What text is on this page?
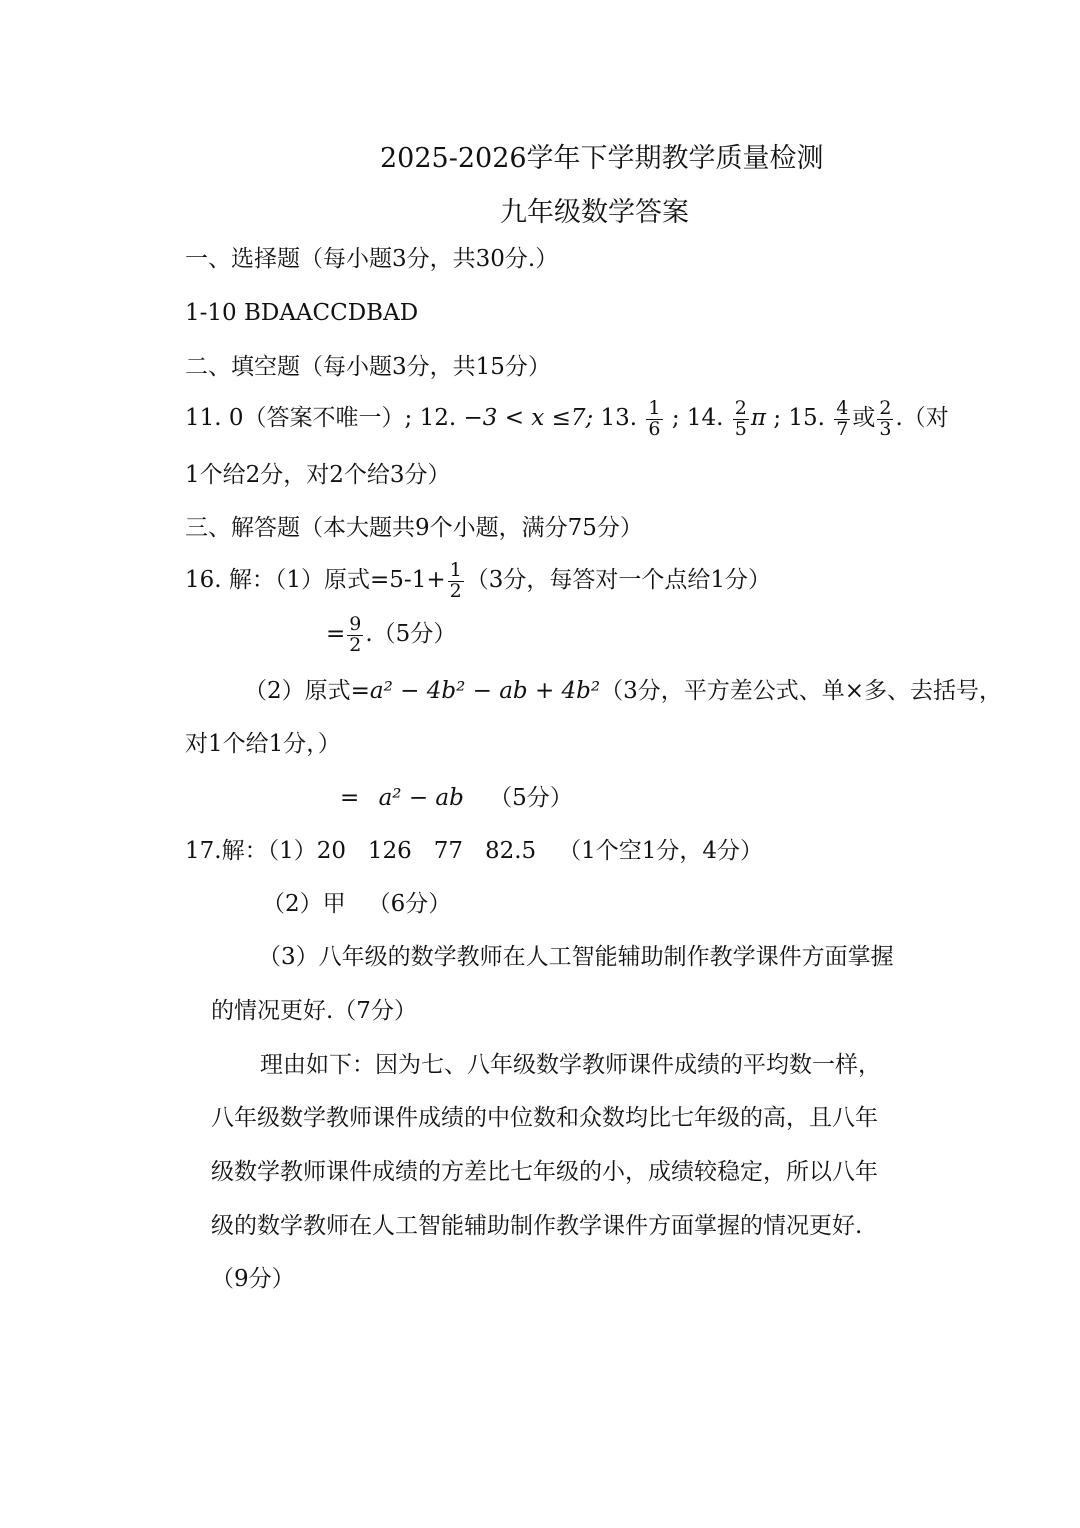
2025-2026学年下学期教学质量检测
九年级数学答案
一、选择题（每小题3分，共30分.）
1-10 BDAACCDBAD
二、填空题（每小题3分，共15分）
11. 0（答案不唯一）; 12. −3 < x ≤7; 13. $\frac{1}{6}$ ; 14. $\frac{2}{5}$ π ; 15. $\frac{4}{7}$ 或 $\frac{2}{3}$ .（对
1个给2分，对2个给3分）
三、解答题（本大题共9个小题，满分75分）
16. 解：（1）原式$=5-1+ \frac{1}{2} (3$分，每答对一个点给1分）
= $\frac{9}{2} .(5$分）
（2）原式=a² − 4b² − ab + 4b²（3分，平方差公式、单×多、去括号，
对1个给1分，）
= a² − ab （5分）
17.解：（1）20   126   77   82.5   （1个空1分，4分）
（2）甲   （6分）
（3）八年级的数学教师在人工智能辅助制作教学课件方面掌握
的情况更好.（7分）
理由如下：因为七、八年级数学教师课件成绩的平均数一样，
八年级数学教师课件成绩的中位数和众数均比七年级的高，且八年
级数学教师课件成绩的方差比七年级的小，成绩较稳定，所以八年
级的数学教师在人工智能辅助制作教学课件方面掌握的情况更好.
（9分）
